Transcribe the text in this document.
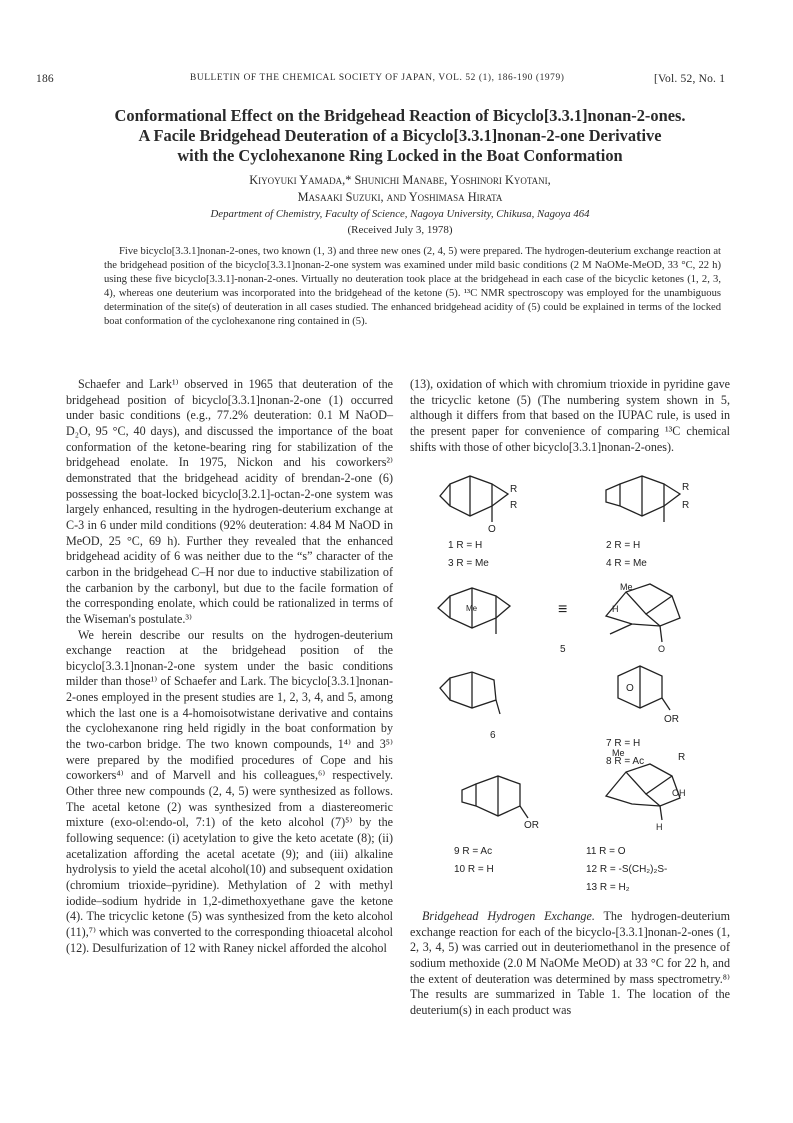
186	BULLETIN OF THE CHEMICAL SOCIETY OF JAPAN, VOL. 52 (1), 186-190 (1979)	[Vol. 52, No. 1
Conformational Effect on the Bridgehead Reaction of Bicyclo[3.3.1]nonan-2-ones.
A Facile Bridgehead Deuteration of a Bicyclo[3.3.1]nonan-2-one Derivative
with the Cyclohexanone Ring Locked in the Boat Conformation
Kiyoyuki Yamada,* Shunichi Manabe, Yoshinori Kyotani,
Masaaki Suzuki, and Yoshimasa Hirata
Department of Chemistry, Faculty of Science, Nagoya University, Chikusa, Nagoya 464
(Received July 3, 1978)

Five bicyclo[3.3.1]nonan-2-ones, two known (1, 3) and three new ones (2, 4, 5) were prepared. The hydrogen-deuterium exchange reaction at the bridgehead position of the bicyclo[3.3.1]nonan-2-one system was examined under mild basic conditions (2 M NaOMe-MeOD, 33 °C, 22 h) using these five bicyclo[3.3.1]-nonan-2-ones. Virtually no deuteration took place at the bridgehead in each case of the bicyclic ketones (1, 2, 3, 4), whereas one deuterium was incorporated into the bridgehead of the ketone (5). ¹³C NMR spectroscopy was employed for the unambiguous determination of the site(s) of deuteration in all cases studied. The enhanced bridgehead acidity of (5) could be explained in terms of the locked boat conformation of the cyclohexanone ring contained in (5).

Schaefer and Lark¹⁾ observed in 1965 that deuteration of the bridgehead position of bicyclo[3.3.1]nonan-2-one (1) occurred under basic conditions (e.g., 77.2% deuteration: 0.1 M NaOD–D₂O, 95 °C, 40 days), and discussed the importance of the boat conformation of the ketone-bearing ring for stabilization of the bridgehead enolate. In 1975, Nickon and his coworkers²⁾ demonstrated that the bridgehead acidity of brendan-2-one (6) possessing the boat-locked bicyclo[3.2.1]-octan-2-one system was largely enhanced, resulting in the hydrogen-deuterium exchange at C-3 in 6 under mild conditions (92% deuteration: 4.84 M NaOD in MeOD, 25 °C, 69 h). Further they revealed that the enhanced bridgehead acidity of 6 was neither due to the “s” character of the carbon in the bridgehead C–H nor due to inductive stabilization of the carbanion by the carbonyl, but due to the facile formation of the corresponding enolate, which could be rationalized in terms of the Wiseman's postulate.³⁾

We herein describe our results on the hydrogen-deuterium exchange reaction at the bridgehead position of the bicyclo[3.3.1]nonan-2-one system under the basic conditions milder than those¹⁾ of Schaefer and Lark. The bicyclo[3.3.1]nonan-2-ones employed in the present studies are 1, 2, 3, 4, and 5, among which the last one is a 4-homoisotwistane derivative and contains the cyclohexanone ring held rigidly in the boat conformation by the two-carbon bridge. The two known compounds, 1⁴⁾ and 3⁵⁾ were prepared by the modified procedures of Cope and his coworkers⁴⁾ and of Marvell and his colleagues,⁶⁾ respectively. Other three new compounds (2, 4, 5) were synthesized as follows. The acetal ketone (2) was synthesized from a diastereomeric mixture (exo-ol:endo-ol, 7:1) of the keto alcohol (7)⁵⁾ by the following sequence: (i) acetylation to give the keto acetate (8); (ii) acetalization affording the acetal acetate (9); and (iii) alkaline hydrolysis to yield the acetal alcohol(10) and subsequent oxidation (chromium trioxide–pyridine). Methylation of 2 with methyl iodide–sodium hydride in 1,2-dimethoxyethane gave the ketone (4). The tricyclic ketone (5) was synthesized from the keto alcohol (11),⁷⁾ which was converted to the corresponding thioacetal alcohol (12). Desulfurization of 12 with Raney nickel afforded the alcohol

(13), oxidation of which with chromium trioxide in pyridine gave the tricyclic ketone (5) (The numbering system shown in 5, although it differs from that based on the IUPAC rule, is used in the present paper for convenience of comparing ¹³C chemical shifts with those of other bicyclo[3.3.1]nonan-2-ones).

Bridgehead Hydrogen Exchange. The hydrogen-deuterium exchange reaction for each of the bicyclo-[3.3.1]nonan-2-ones (1, 2, 3, 4, 5) was carried out in deuteriomethanol in the presence of sodium methoxide (2.0 M NaOMe MeOD) at 33 °C for 22 h, and the extent of deuteration was determined by mass spectrometry.⁸⁾ The results are summarized in Table 1. The location of the deuterium(s) in each product was

R
R
O
1 R = H
3 R = Me
R
R
2 R = H
4 R = Me
Me	≡
Me
H
O
5
6
O
OR
7 R = H
8 R = Ac
OR
9 R = Ac
10 R = H
Me	R
OH
H
11 R = O
12 R = -S(CH₂)₂S-
13 R = H₂
